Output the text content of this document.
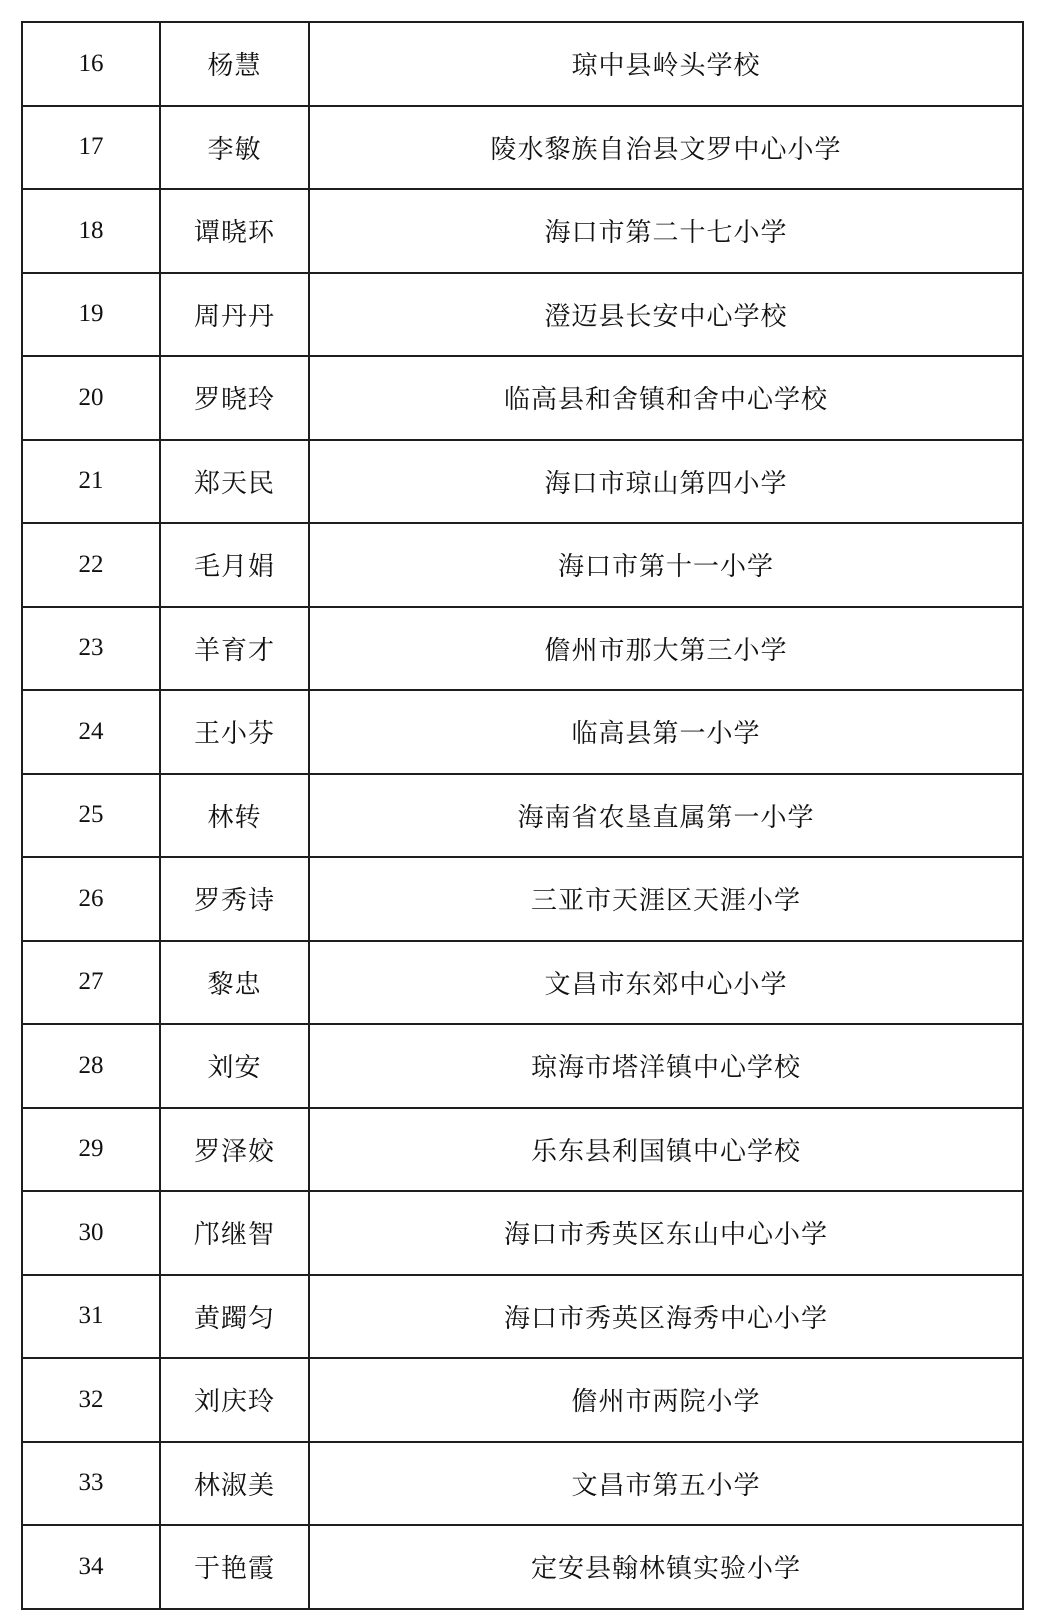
16	杨慧	琼中县岭头学校
17	李敏	陵水黎族自治县文罗中心小学
18	谭晓环	海口市第二十七小学
19	周丹丹	澄迈县长安中心学校
20	罗晓玲	临高县和舍镇和舍中心学校
21	郑天民	海口市琼山第四小学
22	毛月娟	海口市第十一小学
23	羊育才	儋州市那大第三小学
24	王小芬	临高县第一小学
25	林转	海南省农垦直属第一小学
26	罗秀诗	三亚市天涯区天涯小学
27	黎忠	文昌市东郊中心小学
28	刘安	琼海市塔洋镇中心学校
29	罗泽姣	乐东县利国镇中心学校
30	邝继智	海口市秀英区东山中心小学
31	黄躅匀	海口市秀英区海秀中心小学
32	刘庆玲	儋州市两院小学
33	林淑美	文昌市第五小学
34	于艳霞	定安县翰林镇实验小学
